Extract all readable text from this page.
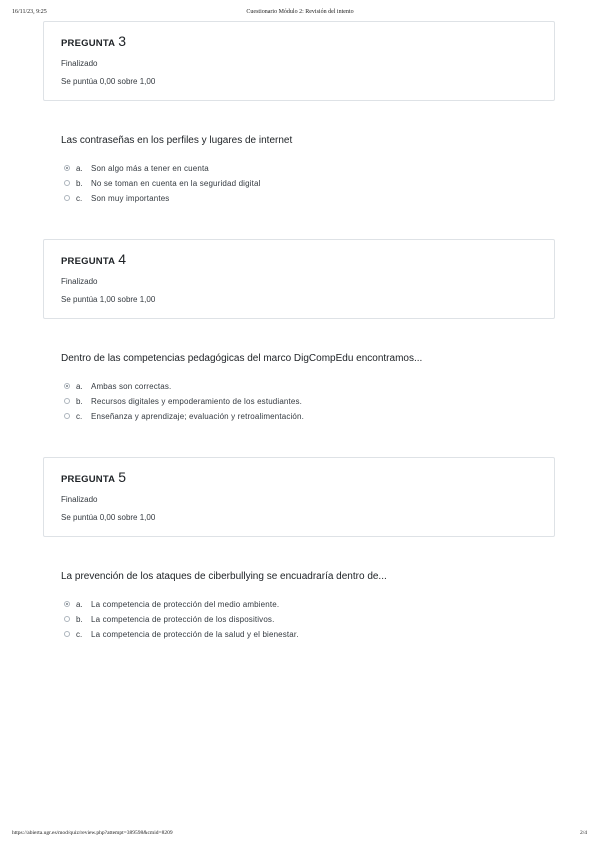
16/11/23, 9:25	Cuestionario Módulo 2: Revisión del intento
PREGUNTA 3
Finalizado
Se puntúa 0,00 sobre 1,00
Las contraseñas en los perfiles y lugares de internet
a. Son algo más a tener en cuenta
b. No se toman en cuenta en la seguridad digital
c. Son muy importantes
PREGUNTA 4
Finalizado
Se puntúa 1,00 sobre 1,00
Dentro de las competencias pedagógicas del marco DigCompEdu encontramos...
a. Ambas son correctas.
b. Recursos digitales y empoderamiento de los estudiantes.
c. Enseñanza y aprendizaje; evaluación y retroalimentación.
PREGUNTA 5
Finalizado
Se puntúa 0,00 sobre 1,00
La prevención de los ataques de ciberbullying se encuadraría dentro de...
a. La competencia de protección del medio ambiente.
b. La competencia de protección de los dispositivos.
c. La competencia de protección de la salud y el bienestar.
https://abierta.ugr.es/mod/quiz/review.php?attempt=389598&cmid=8209	2/4
